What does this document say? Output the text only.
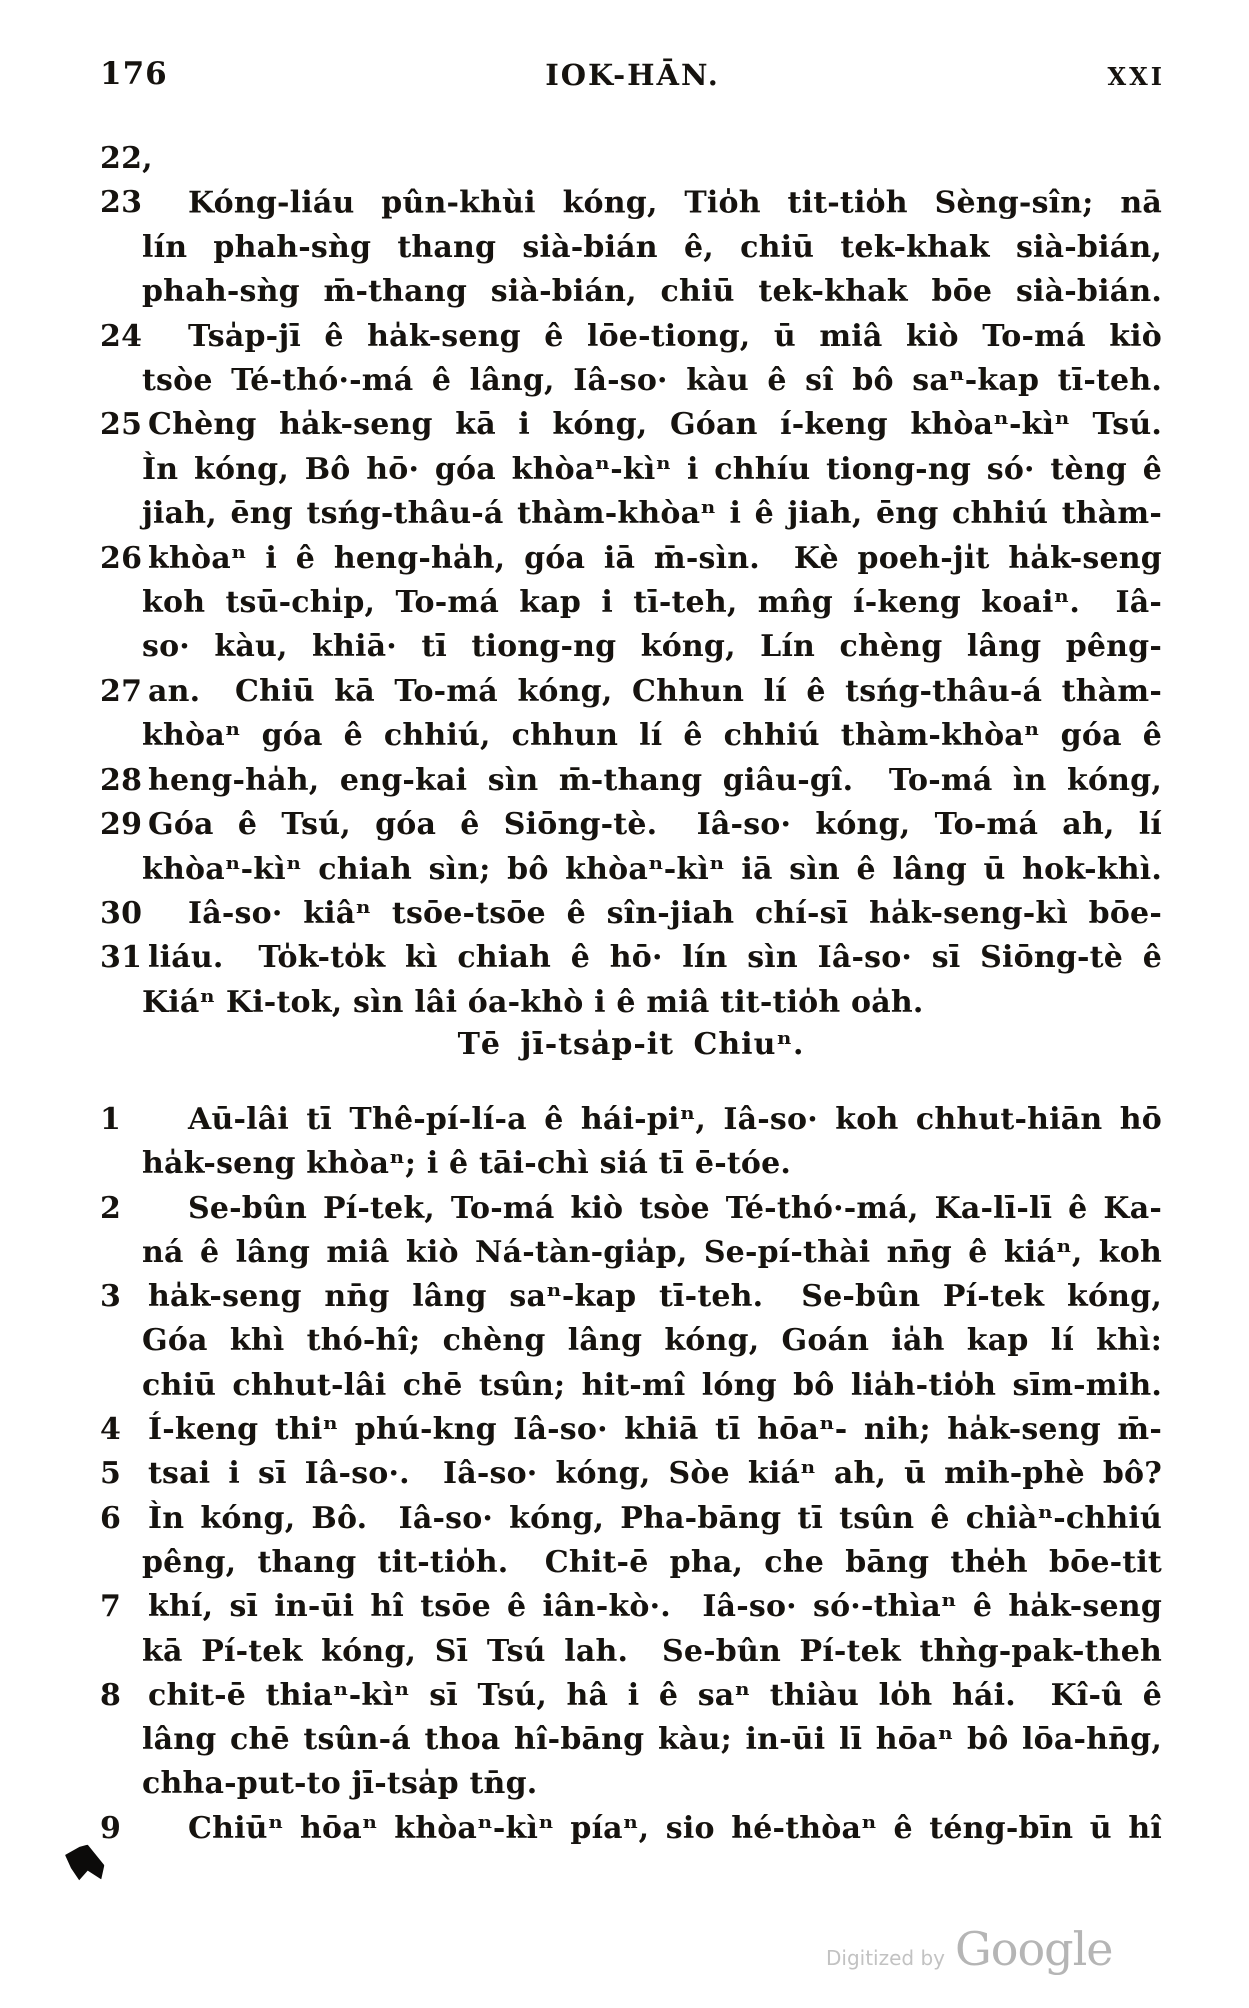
176	IOK-HĀN.	XXI
22, 23 Kóng-liáu pûn-khùi kóng, Tio̍h tit-tio̍h Sèng-sîn; nā
lín phah-sǹg thang sià-bián ê, chiū tek-khak sià-bián,
phah-sǹg m̄-thang sià-bián, chiū tek-khak bōe sià-bián.
24 Tsa̍p-jī ê ha̍k-seng ê lōe-tiong, ū miâ kiò To-má kiò
tsòe Té-thó·-má ê lâng, Iâ-so· kàu ê sî bô saⁿ-kap tī-teh.
25 Chèng ha̍k-seng kā i kóng, Góan í-keng khòaⁿ-kìⁿ Tsú.
Ìn kóng, Bô hō· góa khòaⁿ-kìⁿ i chhíu tiong-ng só· tèng ê
jiah, ēng tsńg-thâu-á thàm-khòaⁿ i ê jiah, ēng chhiú thàm-
26 khòaⁿ i ê heng-ha̍h, góa iā m̄-sìn.  Kè poeh-ji̍t ha̍k-seng
koh tsū-chi̍p, To-má kap i tī-teh, mn̂g í-keng koaiⁿ.  Iâ-
so· kàu, khiā· tī tiong-ng kóng, Lín chèng lâng pêng-
27 an.  Chiū kā To-má kóng, Chhun lí ê tsńg-thâu-á thàm-
khòaⁿ góa ê chhiú, chhun lí ê chhiú thàm-khòaⁿ góa ê
28 heng-ha̍h, eng-kai sìn m̄-thang giâu-gî.  To-má ìn kóng,
29 Góa ê Tsú, góa ê Siōng-tè.  Iâ-so· kóng, To-má ah, lí
khòaⁿ-kìⁿ chiah sìn; bô khòaⁿ-kìⁿ iā sìn ê lâng ū hok-khì.
30 Iâ-so· kiâⁿ tsōe-tsōe ê sîn-jiah chí-sī ha̍k-seng-kì bōe-
31 liáu.  To̍k-to̍k kì chiah ê hō· lín sìn Iâ-so· sī Siōng-tè ê
Kiáⁿ Ki-tok, sìn lâi óa-khò i ê miâ tit-tio̍h oa̍h.
Tē jī-tsa̍p-it Chiuⁿ.
1 Aū-lâi tī Thê-pí-lí-a ê hái-piⁿ, Iâ-so· koh chhut-hiān hō
ha̍k-seng khòaⁿ; i ê tāi-chì siá tī ē-tóe.
2 Se-bûn Pí-tek, To-má kiò tsòe Té-thó·-má, Ka-lī-lī ê Ka-
ná ê lâng miâ kiò Ná-tàn-gia̍p, Se-pí-thài nn̄g ê kiáⁿ, koh
3 ha̍k-seng nn̄g lâng saⁿ-kap tī-teh.  Se-bûn Pí-tek kóng,
Góa khì thó-hî; chèng lâng kóng, Goán ia̍h kap lí khì:
chiū chhut-lâi chē tsûn; hit-mî lóng bô lia̍h-tio̍h sīm-mih.
4 Í-keng thiⁿ phú-kng Iâ-so· khiā tī hōaⁿ- nih; ha̍k-seng m̄-
5 tsai i sī Iâ-so·.  Iâ-so· kóng, Sòe kiáⁿ ah, ū mih-phè bô?
6 Ìn kóng, Bô.  Iâ-so· kóng, Pha-bāng tī tsûn ê chiàⁿ-chhiú
pêng, thang tit-tio̍h.  Chit-ē pha, che bāng the̍h bōe-tit
7 khí, sī in-ūi hî tsōe ê iân-kò·.  Iâ-so· só·-thìaⁿ ê ha̍k-seng
kā Pí-tek kóng, Sī Tsú lah.  Se-bûn Pí-tek thǹg-pak-theh
8 chit-ē thiaⁿ-kìⁿ sī Tsú, hâ i ê saⁿ thiàu lo̍h hái.  Kî-û ê
lâng chē tsûn-á thoa hî-bāng kàu; in-ūi lī hōaⁿ bô lōa-hn̄g,
chha-put-to jī-tsa̍p tn̄g.
9 Chiūⁿ hōaⁿ khòaⁿ-kìⁿ píaⁿ, sio hé-thòaⁿ ê téng-bīn ū hî
Digitized by Google
